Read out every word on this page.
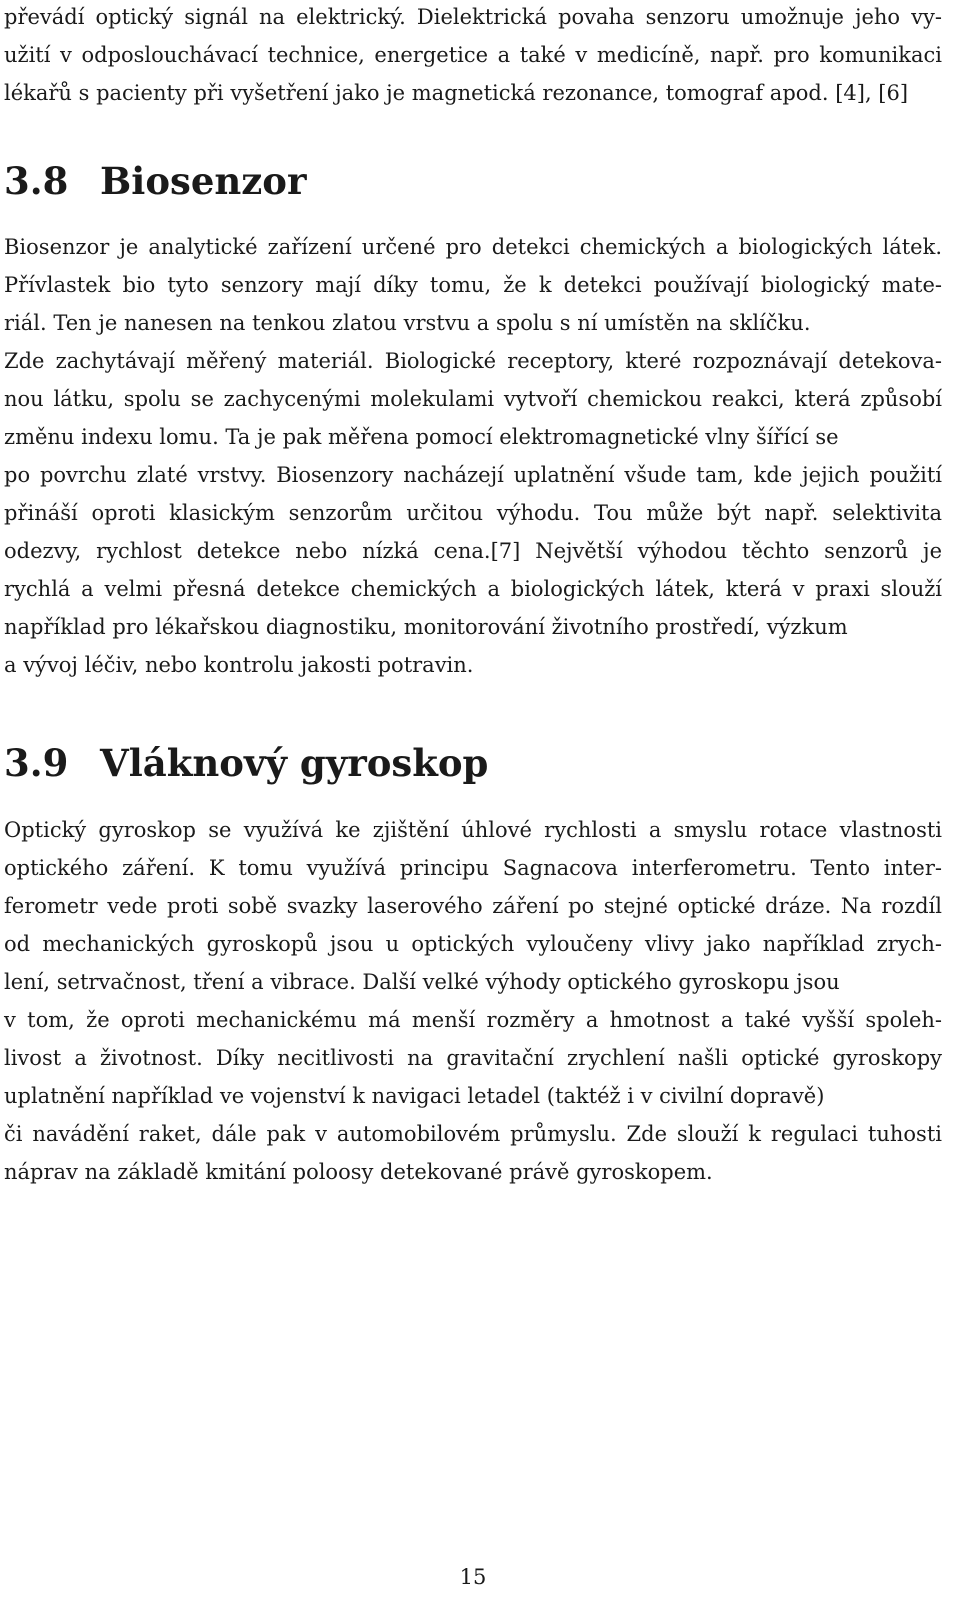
převádí optický signál na elektrický. Dielektrická povaha senzoru umožnuje jeho vy-
užití v odposlouchávací technice, energetice a také v medicíně, např. pro komunikaci
lékařů s pacienty při vyšetření jako je magnetická rezonance, tomograf apod. [4], [6]
3.8 Biosenzor
Biosenzor je analytické zařízení určené pro detekci chemických a biologických látek.
Přívlastek bio tyto senzory mají díky tomu, že k detekci používají biologický mate-
riál. Ten je nanesen na tenkou zlatou vrstvu a spolu s ní umístěn na sklíčku.
Zde zachytávají měřený materiál. Biologické receptory, které rozpoznávají detekova-
nou látku, spolu se zachycenými molekulami vytvoří chemickou reakci, která způsobí
změnu indexu lomu. Ta je pak měřena pomocí elektromagnetické vlny šířící se
po povrchu zlaté vrstvy. Biosenzory nacházejí uplatnění všude tam, kde jejich použití
přináší oproti klasickým senzorům určitou výhodu. Tou může být např. selektivita
odezvy, rychlost detekce nebo nízká cena.[7] Největší výhodou těchto senzorů je
rychlá a velmi přesná detekce chemických a biologických látek, která v praxi slouží
například pro lékařskou diagnostiku, monitorování životního prostředí, výzkum
a vývoj léčiv, nebo kontrolu jakosti potravin.
3.9 Vláknový gyroskop
Optický gyroskop se využívá ke zjištění úhlové rychlosti a smyslu rotace vlastnosti
optického záření. K tomu využívá principu Sagnacova interferometru. Tento inter-
ferometr vede proti sobě svazky laserového záření po stejné optické dráze. Na rozdíl
od mechanických gyroskopů jsou u optických vyloučeny vlivy jako například zrych-
lení, setrvačnost, tření a vibrace. Další velké výhody optického gyroskopu jsou
v tom, že oproti mechanickému má menší rozměry a hmotnost a také vyšší spoleh-
livost a životnost. Díky necitlivosti na gravitační zrychlení našli optické gyroskopy
uplatnění například ve vojenství k navigaci letadel (taktéž i v civilní dopravě)
či navádění raket, dále pak v automobilovém průmyslu. Zde slouží k regulaci tuhosti
náprav na základě kmitání poloosy detekované právě gyroskopem.
15
